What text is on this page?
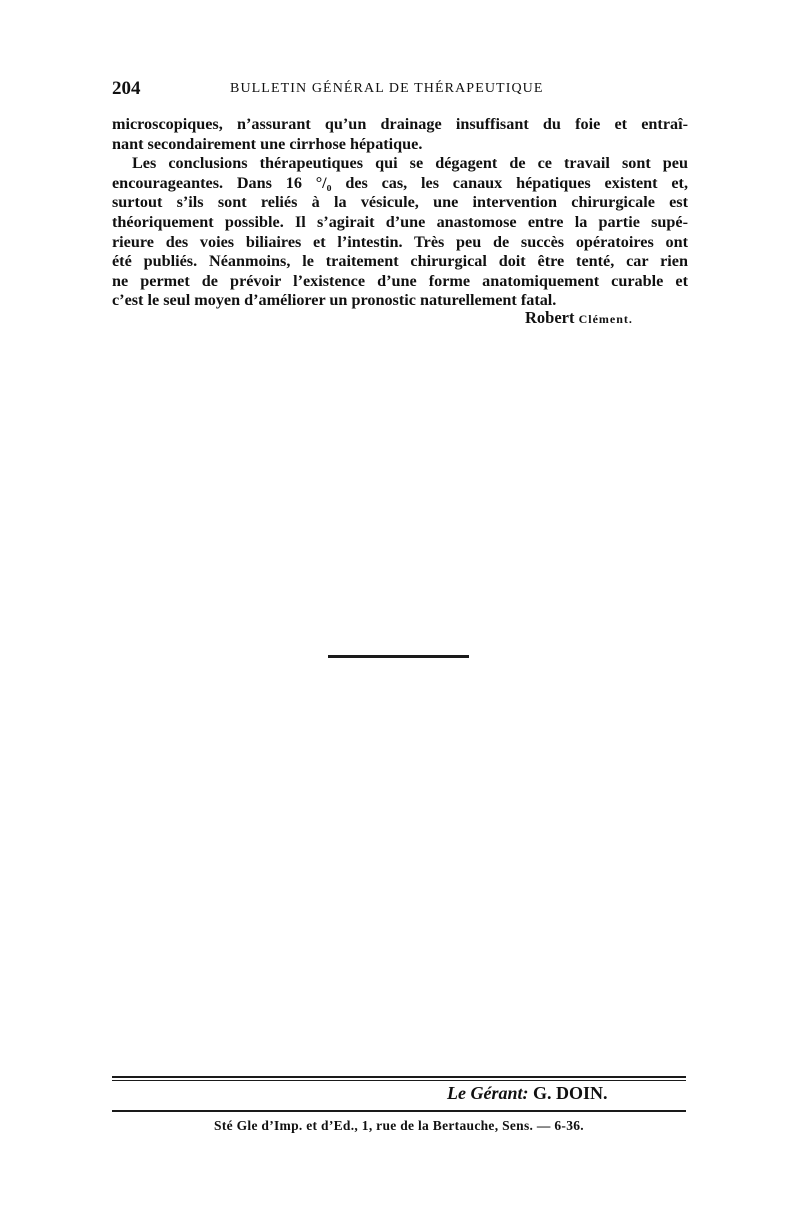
204	BULLETIN GÉNÉRAL DE THÉRAPEUTIQUE
microscopiques, n’assurant qu’un drainage insuffisant du foie et entraî-
nant secondairement une cirrhose hépatique.
Les conclusions thérapeutiques qui se dégagent de ce travail sont peu
encourageantes. Dans 16 °/₀ des cas, les canaux hépatiques existent et,
surtout s’ils sont reliés à la vésicule, une intervention chirurgicale est
théoriquement possible. Il s’agirait d’une anastomose entre la partie supé-
rieure des voies biliaires et l’intestin. Très peu de succès opératoires ont
été publiés. Néanmoins, le traitement chirurgical doit être tenté, car rien
ne permet de prévoir l’existence d’une forme anatomiquement curable et
c’est le seul moyen d’améliorer un pronostic naturellement fatal.
Robert Clément.
Le Gérant: G. DOIN.
Sté Gle d’Imp. et d’Ed., 1, rue de la Bertauche, Sens. — 6-36.
